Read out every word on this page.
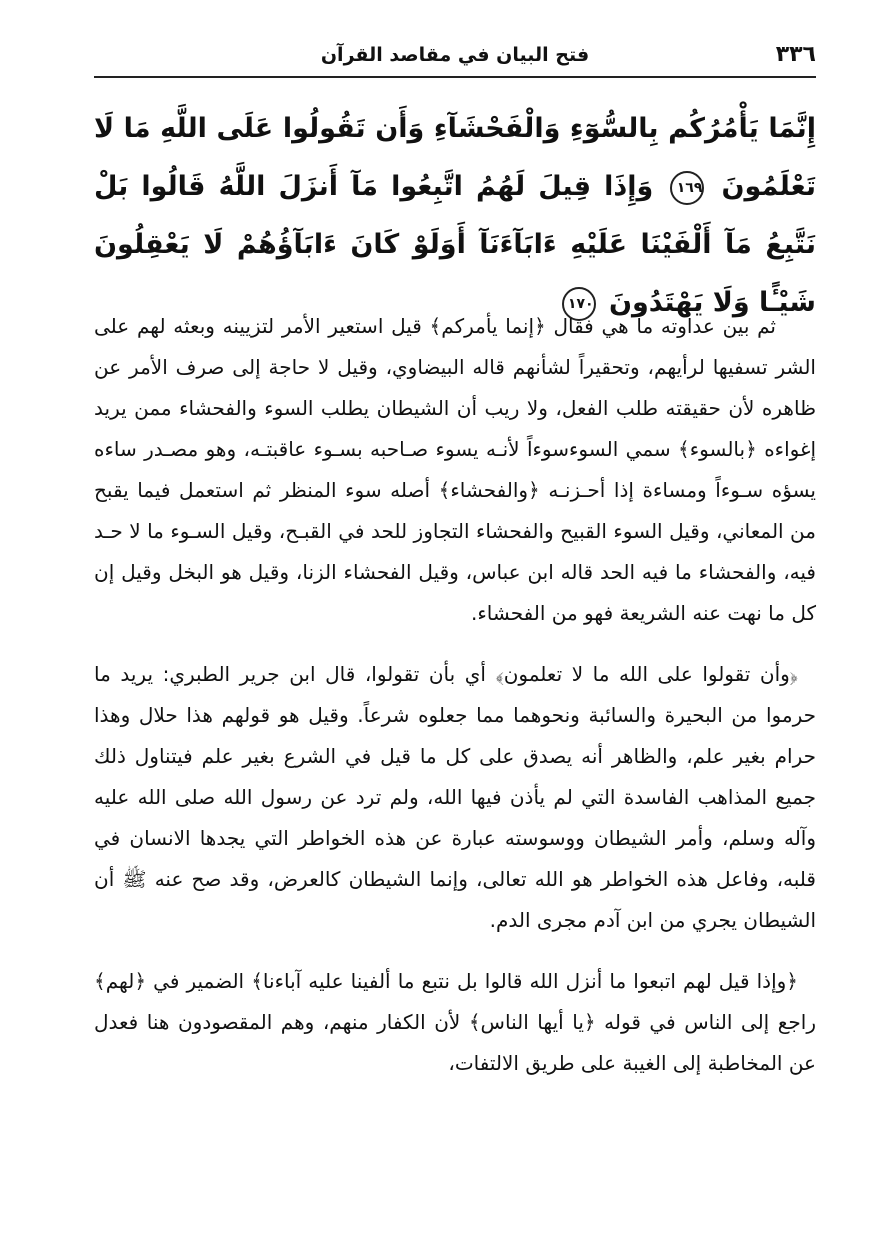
٣٣٦
فتح البيان في مقاصد القرآن
إِنَّمَا يَأْمُرُكُم بِالسُّوٓءِ وَالْفَحْشَآءِ وَأَن تَقُولُوا عَلَى اللَّهِ مَا لَا تَعْلَمُونَ ١٦٩ وَإِذَا قِيلَ لَهُمُ اتَّبِعُوا مَآ أَنزَلَ اللَّهُ قَالُوا بَلْ نَتَّبِعُ مَآ أَلْفَيْنَا عَلَيْهِ ءَابَآءَنَآ أَوَلَوْ كَانَ ءَابَآؤُهُمْ لَا يَعْقِلُونَ شَيْـًٔا وَلَا يَهْتَدُونَ ١٧٠

ثم بين عداوته ما هي فقال ﴿إنما يأمركم﴾ قيل استعير الأمر لتزيينه وبعثه لهم على الشر تسفيها لرأيهم، وتحقيراً لشأنهم قاله البيضاوي، وقيل لا حاجة إلى صرف الأمر عن ظاهره لأن حقيقته طلب الفعل، ولا ريب أن الشيطان يطلب السوء والفحشاء ممن يريد إغواءه ﴿بالسوء﴾ سمي السوءسوءاً لأنـه يسوء صـاحبه بسـوء عاقبتـه، وهو مصـدر ساءه يسؤه سـوءاً ومساءة إذا أحـزنـه ﴿والفحشاء﴾ أصله سوء المنظر ثم استعمل فيما يقبح من المعاني، وقيل السوء القبيح والفحشاء التجاوز للحد في القبـح، وقيل السـوء ما لا حـد فيه، والفحشاء ما فيه الحد قاله ابن عباس، وقيل الفحشاء الزنا، وقيل هو البخل وقيل إن كل ما نهت عنه الشريعة فهو من الفحشاء.

﴿وأن تقولوا على الله ما لا تعلمون﴾ أي بأن تقولوا، قال ابن جرير الطبري: يريد ما حرموا من البحيرة والسائبة ونحوهما مما جعلوه شرعاً. وقيل هو قولهم هذا حلال وهذا حرام بغير علم، والظاهر أنه يصدق على كل ما قيل في الشرع بغير علم فيتناول ذلك جميع المذاهب الفاسدة التي لم يأذن فيها الله، ولم ترد عن رسول الله صلى الله عليه وآله وسلم، وأمر الشيطان ووسوسته عبارة عن هذه الخواطر التي يجدها الانسان في قلبه، وفاعل هذه الخواطر هو الله تعالى، وإنما الشيطان كالعرض، وقد صح عنه ﷺ أن الشيطان يجري من ابن آدم مجرى الدم.

﴿وإذا قيل لهم اتبعوا ما أنزل الله قالوا بل نتبع ما ألفينا عليه آباءنا﴾ الضمير في ﴿لهم﴾ راجع إلى الناس في قوله ﴿يا أيها الناس﴾ لأن الكفار منهم، وهم المقصودون هنا فعدل عن المخاطبة إلى الغيبة على طريق الالتفات،
